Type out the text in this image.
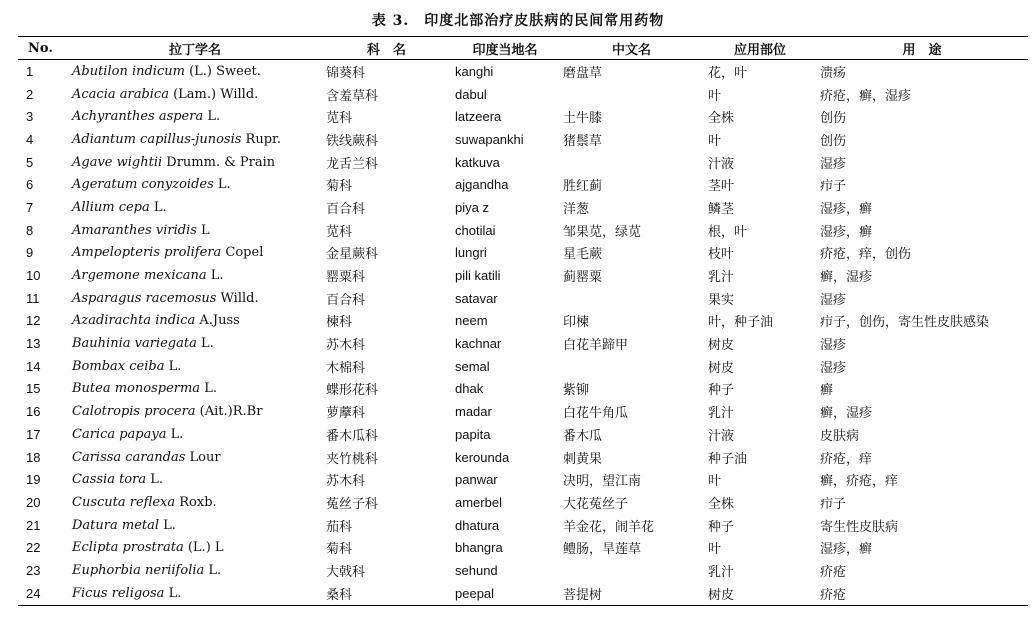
表 3.　印度北部治疗皮肤病的民间常用药物
No.	拉丁学名	科　名	印度当地名	中文名	应用部位	用　途
1	Abutilon indicum (L.) Sweet.	锦葵科	kanghi	磨盘草	花，叶	溃疡
2	Acacia arabica (Lam.) Willd.	含羞草科	dabul		叶	疥疮，癣，湿疹
3	Achyranthes aspera L.	苋科	latzeera	土牛膝	全株	创伤
4	Adiantum capillus-junosis Rupr.	铁线蕨科	suwapankhi	猪鬃草	叶	创伤
5	Agave wightii Drumm. & Prain	龙舌兰科	katkuva		汁液	湿疹
6	Ageratum conyzoides L.	菊科	ajgandha	胜红蓟	茎叶	疖子
7	Allium cepa L.	百合科	piya z	洋葱	鳞茎	湿疹，癣
8	Amaranthes viridis L	苋科	chotilai	邹果苋，绿苋	根，叶	湿疹，癣
9	Ampelopteris prolifera Copel	金星蕨科	lungri	星毛蕨	枝叶	疥疮，痒，创伤
10	Argemone mexicana L.	罂粟科	pili katili	蓟罂粟	乳汁	癣，湿疹
11	Asparagus racemosus Willd.	百合科	satavar		果实	湿疹
12	Azadirachta indica A.Juss	楝科	neem	印楝	叶，种子油	疖子，创伤，寄生性皮肤感染
13	Bauhinia variegata L.	苏木科	kachnar	白花羊蹄甲	树皮	湿疹
14	Bombax ceiba L.	木棉科	semal		树皮	湿疹
15	Butea monosperma L.	蝶形花科	dhak	紫铆	种子	癣
16	Calotropis procera (Ait.)R.Br	萝藦科	madar	白花牛角瓜	乳汁	癣，湿疹
17	Carica papaya L.	番木瓜科	papita	番木瓜	汁液	皮肤病
18	Carissa carandas Lour	夹竹桃科	kerounda	刺黄果	种子油	疥疮，痒
19	Cassia tora L.	苏木科	panwar	决明，望江南	叶	癣，疥疮，痒
20	Cuscuta reflexa Roxb.	菟丝子科	amerbel	大花菟丝子	全株	疖子
21	Datura metal L.	茄科	dhatura	羊金花，闹羊花	种子	寄生性皮肤病
22	Eclipta prostrata (L.) L	菊科	bhangra	鳢肠，旱莲草	叶	湿疹，癣
23	Euphorbia neriifolia L.	大戟科	sehund		乳汁	疥疮
24	Ficus religosa L.	桑科	peepal	菩提树	树皮	疥疮
